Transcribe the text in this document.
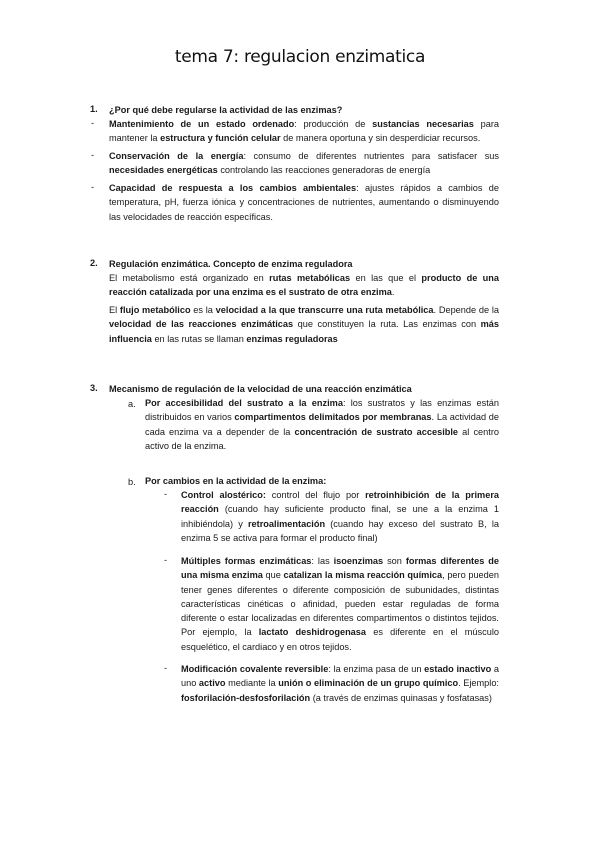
tema 7: regulacion enzimatica
1. ¿Por qué debe regularse la actividad de las enzimas?

- Mantenimiento de un estado ordenado: producción de sustancias necesarias para mantener la estructura y función celular de manera oportuna y sin desperdiciar recursos.

- Conservación de la energía: consumo de diferentes nutrientes para satisfacer sus necesidades energéticas controlando las reacciones generadoras de energía

- Capacidad de respuesta a los cambios ambientales: ajustes rápidos a cambios de temperatura, pH, fuerza iónica y concentraciones de nutrientes, aumentando o disminuyendo las velocidades de reacción específicas.

2. Regulación enzimática. Concepto de enzima reguladora

El metabolismo está organizado en rutas metabólicas en las que el producto de una reacción catalizada por una enzima es el sustrato de otra enzima.

El flujo metabólico es la velocidad a la que transcurre una ruta metabólica. Depende de la velocidad de las reacciones enzimáticas que constituyen la ruta. Las enzimas con más influencia en las rutas se llaman enzimas reguladoras

3. Mecanismo de regulación de la velocidad de una reacción enzimática

a. Por accesibilidad del sustrato a la enzima: los sustratos y las enzimas están distribuidos en varios compartimentos delimitados por membranas. La actividad de cada enzima va a depender de la concentración de sustrato accesible al centro activo de la enzima.

b. Por cambios en la actividad de la enzima:

- Control alostérico: control del flujo por retroinhibición de la primera reacción (cuando hay suficiente producto final, se une a la enzima 1 inhibiéndola) y retroalimentación (cuando hay exceso del sustrato B, la enzima 5 se activa para formar el producto final)

- Múltiples formas enzimáticas: las isoenzimas son formas diferentes de una misma enzima que catalizan la misma reacción química, pero pueden tener genes diferentes o diferente composición de subunidades, distintas características cinéticas o afinidad, pueden estar reguladas de forma diferente o estar localizadas en diferentes compartimentos o distintos tejidos. Por ejemplo, la lactato deshidrogenasa es diferente en el músculo esquelético, el cardiaco y en otros tejidos.

- Modificación covalente reversible: la enzima pasa de un estado inactivo a uno activo mediante la unión o eliminación de un grupo químico. Ejemplo: fosforilación-desfosforilación (a través de enzimas quinasas y fosfatasas)
